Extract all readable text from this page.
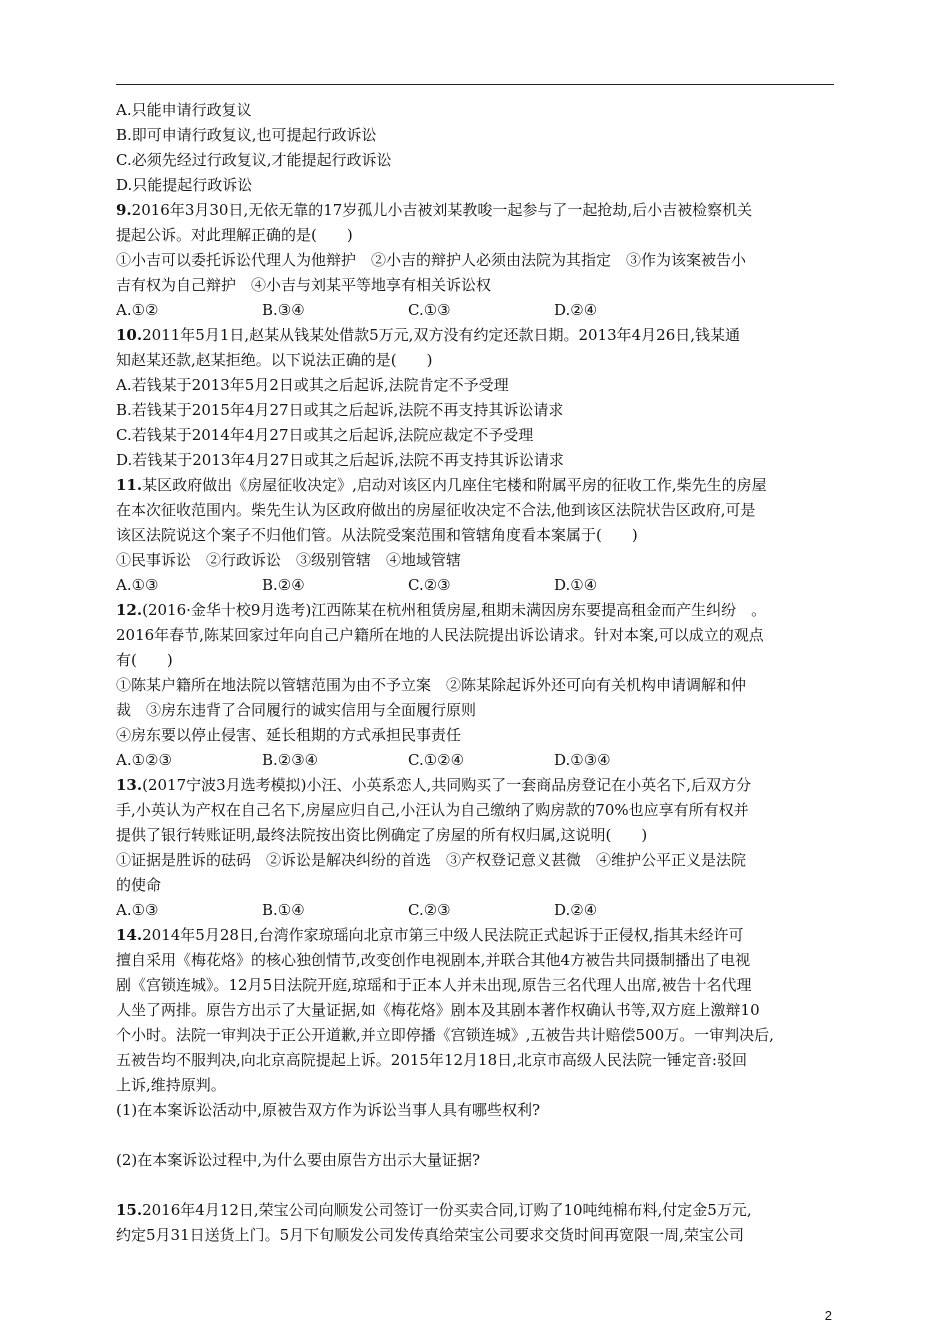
A.只能申请行政复议
B.即可申请行政复议,也可提起行政诉讼
C.必须先经过行政复议,才能提起行政诉讼
D.只能提起行政诉讼
9.2016年3月30日,无依无靠的17岁孤儿小吉被刘某教唆一起参与了一起抢劫,后小吉被检察机关
提起公诉。对此理解正确的是(　　)
①小吉可以委托诉讼代理人为他辩护　②小吉的辩护人必须由法院为其指定　③作为该案被告小
吉有权为自己辩护　④小吉与刘某平等地享有相关诉讼权
A.①②	B.③④	C.①③	D.②④
10.2011年5月1日,赵某从钱某处借款5万元,双方没有约定还款日期。2013年4月26日,钱某通
知赵某还款,赵某拒绝。以下说法正确的是(　　)
A.若钱某于2013年5月2日或其之后起诉,法院肯定不予受理
B.若钱某于2015年4月27日或其之后起诉,法院不再支持其诉讼请求
C.若钱某于2014年4月27日或其之后起诉,法院应裁定不予受理
D.若钱某于2013年4月27日或其之后起诉,法院不再支持其诉讼请求
11.某区政府做出《房屋征收决定》,启动对该区内几座住宅楼和附属平房的征收工作,柴先生的房屋
在本次征收范围内。柴先生认为区政府做出的房屋征收决定不合法,他到该区法院状告区政府,可是
该区法院说这个案子不归他们管。从法院受案范围和管辖角度看本案属于(　　)
①民事诉讼　②行政诉讼　③级别管辖　④地域管辖
A.①③	B.②④	C.②③	D.①④
12.(2016·金华十校9月选考)江西陈某在杭州租赁房屋,租期未满因房东要提高租金而产生纠纷　。
2016年春节,陈某回家过年向自己户籍所在地的人民法院提出诉讼请求。针对本案,可以成立的观点
有(　　)
①陈某户籍所在地法院以管辖范围为由不予立案　②陈某除起诉外还可向有关机构申请调解和仲
裁　③房东违背了合同履行的诚实信用与全面履行原则
④房东要以停止侵害、延长租期的方式承担民事责任
A.①②③	B.②③④	C.①②④	D.①③④
13.(2017宁波3月选考模拟)小汪、小英系恋人,共同购买了一套商品房登记在小英名下,后双方分
手,小英认为产权在自己名下,房屋应归自己,小汪认为自己缴纳了购房款的70%也应享有所有权并
提供了银行转账证明,最终法院按出资比例确定了房屋的所有权归属,这说明(　　)
①证据是胜诉的砝码　②诉讼是解决纠纷的首选　③产权登记意义甚微　④维护公平正义是法院
的使命
A.①③	B.①④	C.②③	D.②④
14.2014年5月28日,台湾作家琼瑶向北京市第三中级人民法院正式起诉于正侵权,指其未经许可
擅自采用《梅花烙》的核心独创情节,改变创作电视剧本,并联合其他4方被告共同摄制播出了电视
剧《宫锁连城》。12月5日法院开庭,琼瑶和于正本人并未出现,原告三名代理人出席,被告十名代理
人坐了两排。原告方出示了大量证据,如《梅花烙》剧本及其剧本著作权确认书等,双方庭上激辩10
个小时。法院一审判决于正公开道歉,并立即停播《宫锁连城》,五被告共计赔偿500万。一审判决后,
五被告均不服判决,向北京高院提起上诉。2015年12月18日,北京市高级人民法院一锤定音:驳回
上诉,维持原判。
(1)在本案诉讼活动中,原被告双方作为诉讼当事人具有哪些权利?
(2)在本案诉讼过程中,为什么要由原告方出示大量证据?
15.2016年4月12日,荣宝公司向顺发公司签订一份买卖合同,订购了10吨纯棉布料,付定金5万元,
约定5月31日送货上门。5月下旬顺发公司发传真给荣宝公司要求交货时间再宽限一周,荣宝公司
2
